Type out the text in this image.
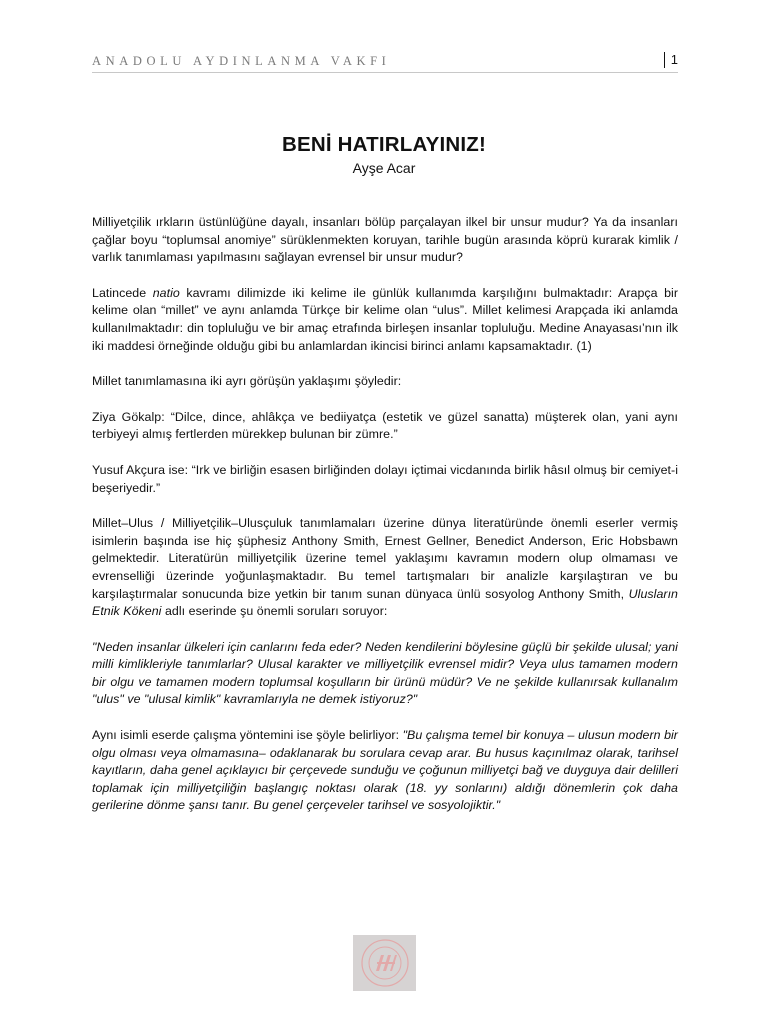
ANADOLU AYDINLANMA VAKFI	1
BENİ HATIRLAYINIZ!
Ayşe Acar

Milliyetçilik ırkların üstünlüğüne dayalı, insanları bölüp parçalayan ilkel bir unsur mudur? Ya da insanları çağlar boyu “toplumsal anomiye” sürüklenmekten koruyan, tarihle bugün arasında köprü kurarak kimlik / varlık tanımlaması yapılmasını sağlayan evrensel bir unsur mudur?

Latincede natio kavramı dilimizde iki kelime ile günlük kullanımda karşılığını bulmaktadır: Arapça bir kelime olan “millet” ve aynı anlamda Türkçe bir kelime olan “ulus”. Millet kelimesi Arapçada iki anlamda kullanılmaktadır: din topluluğu ve bir amaç etrafında birleşen insanlar topluluğu. Medine Anayasası’nın ilk iki maddesi örneğinde olduğu gibi bu anlamlardan ikincisi birinci anlamı kapsamaktadır. (1)

Millet tanımlamasına iki ayrı görüşün yaklaşımı şöyledir:

Ziya Gökalp: “Dilce, dince, ahlâkça ve bediiyatça (estetik ve güzel sanatta) müşterek olan, yani aynı terbiyeyi almış fertlerden mürekkep bulunan bir zümre.”

Yusuf Akçura ise: “Irk ve birliğin esasen birliğinden dolayı içtimai vicdanında birlik hâsıl olmuş bir cemiyet-i beşeriyedir.”

Millet–Ulus / Milliyetçilik–Ulusçuluk tanımlamaları üzerine dünya literatüründe önemli eserler vermiş isimlerin başında ise hiç şüphesiz Anthony Smith, Ernest Gellner, Benedict Anderson, Eric Hobsbawn gelmektedir. Literatürün milliyetçilik üzerine temel yaklaşımı kavramın modern olup olmaması ve evrenselliği üzerinde yoğunlaşmaktadır. Bu temel tartışmaları bir analizle karşılaştıran ve bu karşılaştırmalar sonucunda bize yetkin bir tanım sunan dünyaca ünlü sosyolog Anthony Smith, Ulusların Etnik Kökeni adlı eserinde şu önemli soruları soruyor:

"Neden insanlar ülkeleri için canlarını feda eder? Neden kendilerini böylesine güçlü bir şekilde ulusal; yani milli kimlikleriyle tanımlarlar? Ulusal karakter ve milliyetçilik evrensel midir? Veya ulus tamamen modern bir olgu ve tamamen modern toplumsal koşulların bir ürünü müdür? Ve ne şekilde kullanırsak kullanalım "ulus" ve "ulusal kimlik" kavramlarıyla ne demek istiyoruz?"

Aynı isimli eserde çalışma yöntemini ise şöyle belirliyor: "Bu çalışma temel bir konuya – ulusun modern bir olgu olması veya olmamasına– odaklanarak bu sorulara cevap arar. Bu husus kaçınılmaz olarak, tarihsel kayıtların, daha genel açıklayıcı bir çerçevede sunduğu ve çoğunun milliyetçi bağ ve duyguya dair delilleri toplamak için milliyetçiliğin başlangıç noktası olarak (18. yy sonlarını) aldığı dönemlerin çok daha gerilerine dönme şansı tanır. Bu genel çerçeveler tarihsel ve sosyolojiktir."
